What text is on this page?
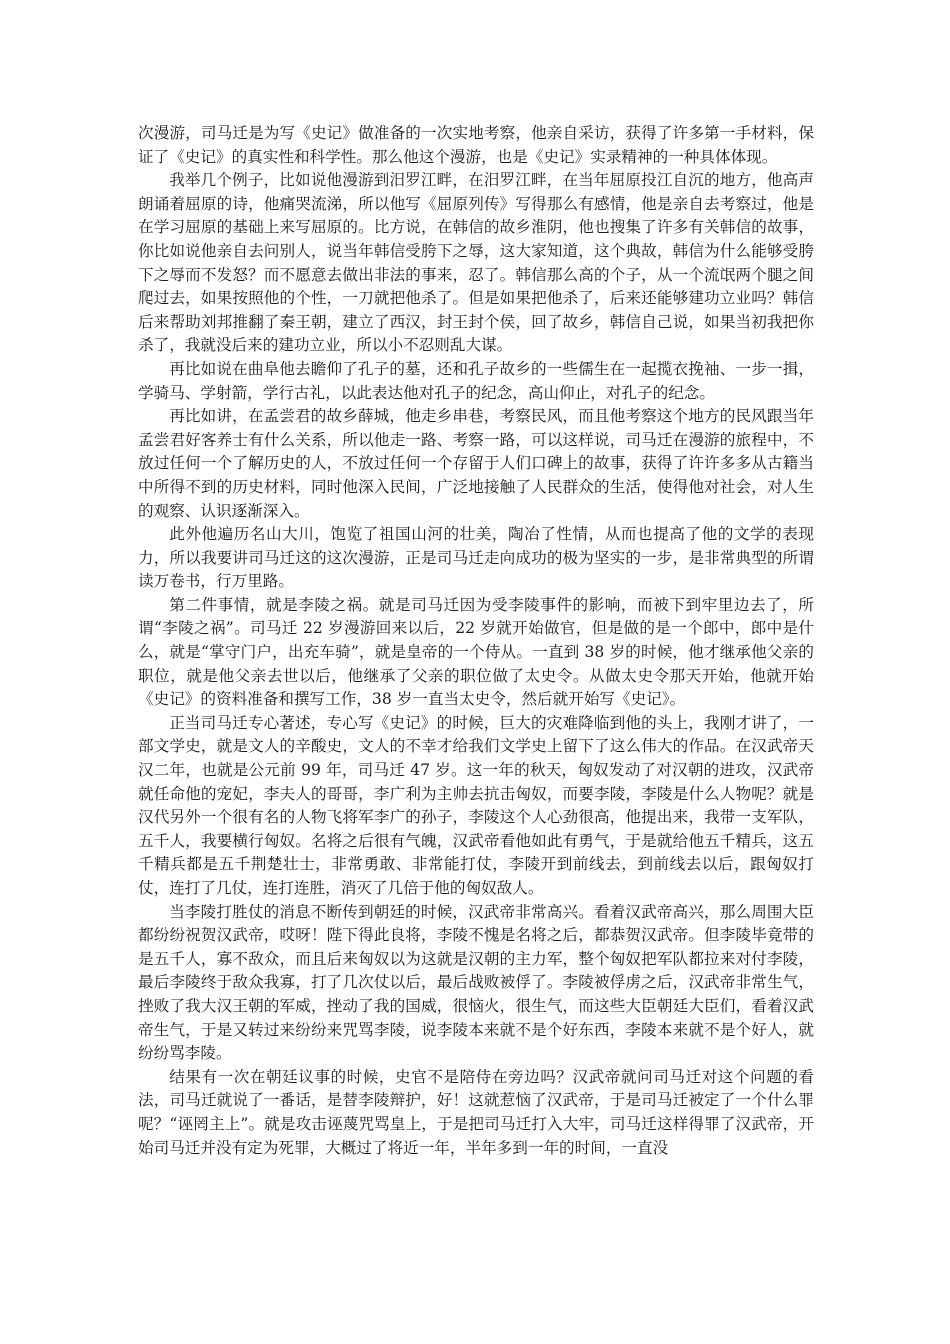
次漫游，司马迁是为写《史记》做准备的一次实地考察，他亲自采访，获得了许多第一手材料，保证了《史记》的真实性和科学性。那么他这个漫游，也是《史记》实录精神的一种具体体现。

我举几个例子，比如说他漫游到汨罗江畔，在汨罗江畔，在当年屈原投江自沉的地方，他高声朗诵着屈原的诗，他痛哭流涕，所以他写《屈原列传》写得那么有感情，他是亲自去考察过，他是在学习屈原的基础上来写屈原的。比方说，在韩信的故乡淮阴，他也搜集了许多有关韩信的故事，你比如说他亲自去问别人，说当年韩信受胯下之辱，这大家知道，这个典故，韩信为什么能够受胯下之辱而不发怒？而不愿意去做出非法的事来，忍了。韩信那么高的个子，从一个流氓两个腿之间爬过去，如果按照他的个性，一刀就把他杀了。但是如果把他杀了，后来还能够建功立业吗？韩信后来帮助刘邦推翻了秦王朝，建立了西汉，封王封个侯，回了故乡，韩信自己说，如果当初我把你杀了，我就没后来的建功立业，所以小不忍则乱大谋。

再比如说在曲阜他去瞻仰了孔子的墓，还和孔子故乡的一些儒生在一起揽衣挽袖、一步一揖，学骑马、学射箭，学行古礼，以此表达他对孔子的纪念，高山仰止，对孔子的纪念。

再比如讲，在孟尝君的故乡薛城，他走乡串巷，考察民风，而且他考察这个地方的民风跟当年孟尝君好客养士有什么关系，所以他走一路、考察一路，可以这样说，司马迁在漫游的旅程中，不放过任何一个了解历史的人，不放过任何一个存留于人们口碑上的故事，获得了许许多多从古籍当中所得不到的历史材料，同时他深入民间，广泛地接触了人民群众的生活，使得他对社会，对人生的观察、认识逐渐深入。

此外他遍历名山大川，饱览了祖国山河的壮美，陶冶了性情，从而也提高了他的文学的表现力，所以我要讲司马迁这的这次漫游，正是司马迁走向成功的极为坚实的一步，是非常典型的所谓读万卷书，行万里路。

第二件事情，就是李陵之祸。就是司马迁因为受李陵事件的影响，而被下到牢里边去了，所谓“李陵之祸”。司马迁 22 岁漫游回来以后，22 岁就开始做官，但是做的是一个郎中，郎中是什么，就是“掌守门户，出充车骑”，就是皇帝的一个侍从。一直到 38 岁的时候，他才继承他父亲的职位，就是他父亲去世以后，他继承了父亲的职位做了太史令。从做太史令那天开始，他就开始《史记》的资料准备和撰写工作，38 岁一直当太史令，然后就开始写《史记》。

正当司马迁专心著述，专心写《史记》的时候，巨大的灾难降临到他的头上，我刚才讲了，一部文学史，就是文人的辛酸史，文人的不幸才给我们文学史上留下了这么伟大的作品。在汉武帝天汉二年，也就是公元前 99 年，司马迁 47 岁。这一年的秋天，匈奴发动了对汉朝的进攻，汉武帝就任命他的宠妃，李夫人的哥哥，李广利为主帅去抗击匈奴，而要李陵，李陵是什么人物呢？就是汉代另外一个很有名的人物飞将军李广的孙子，李陵这个人心劲很高，他提出来，我带一支军队，五千人，我要横行匈奴。名将之后很有气魄，汉武帝看他如此有勇气，于是就给他五千精兵，这五千精兵都是五千荆楚壮士，非常勇敢、非常能打仗，李陵开到前线去，到前线去以后，跟匈奴打仗，连打了几仗，连打连胜，消灭了几倍于他的匈奴敌人。

当李陵打胜仗的消息不断传到朝廷的时候，汉武帝非常高兴。看着汉武帝高兴，那么周围大臣都纷纷祝贺汉武帝，哎呀！陛下得此良将，李陵不愧是名将之后，都恭贺汉武帝。但李陵毕竟带的是五千人，寡不敌众，而且后来匈奴以为这就是汉朝的主力军，整个匈奴把军队都拉来对付李陵，最后李陵终于敌众我寡，打了几次仗以后，最后战败被俘了。李陵被俘虏之后，汉武帝非常生气，挫败了我大汉王朝的军威，挫动了我的国威，很恼火，很生气，而这些大臣朝廷大臣们，看着汉武帝生气，于是又转过来纷纷来咒骂李陵，说李陵本来就不是个好东西，李陵本来就不是个好人，就纷纷骂李陵。

结果有一次在朝廷议事的时候，史官不是陪侍在旁边吗？汉武帝就问司马迁对这个问题的看法，司马迁就说了一番话，是替李陵辩护，好！这就惹恼了汉武帝，于是司马迁被定了一个什么罪呢？“诬罔主上”。就是攻击诬蔑咒骂皇上，于是把司马迁打入大牢，司马迁这样得罪了汉武帝，开始司马迁并没有定为死罪，大概过了将近一年，半年多到一年的时间，一直没
